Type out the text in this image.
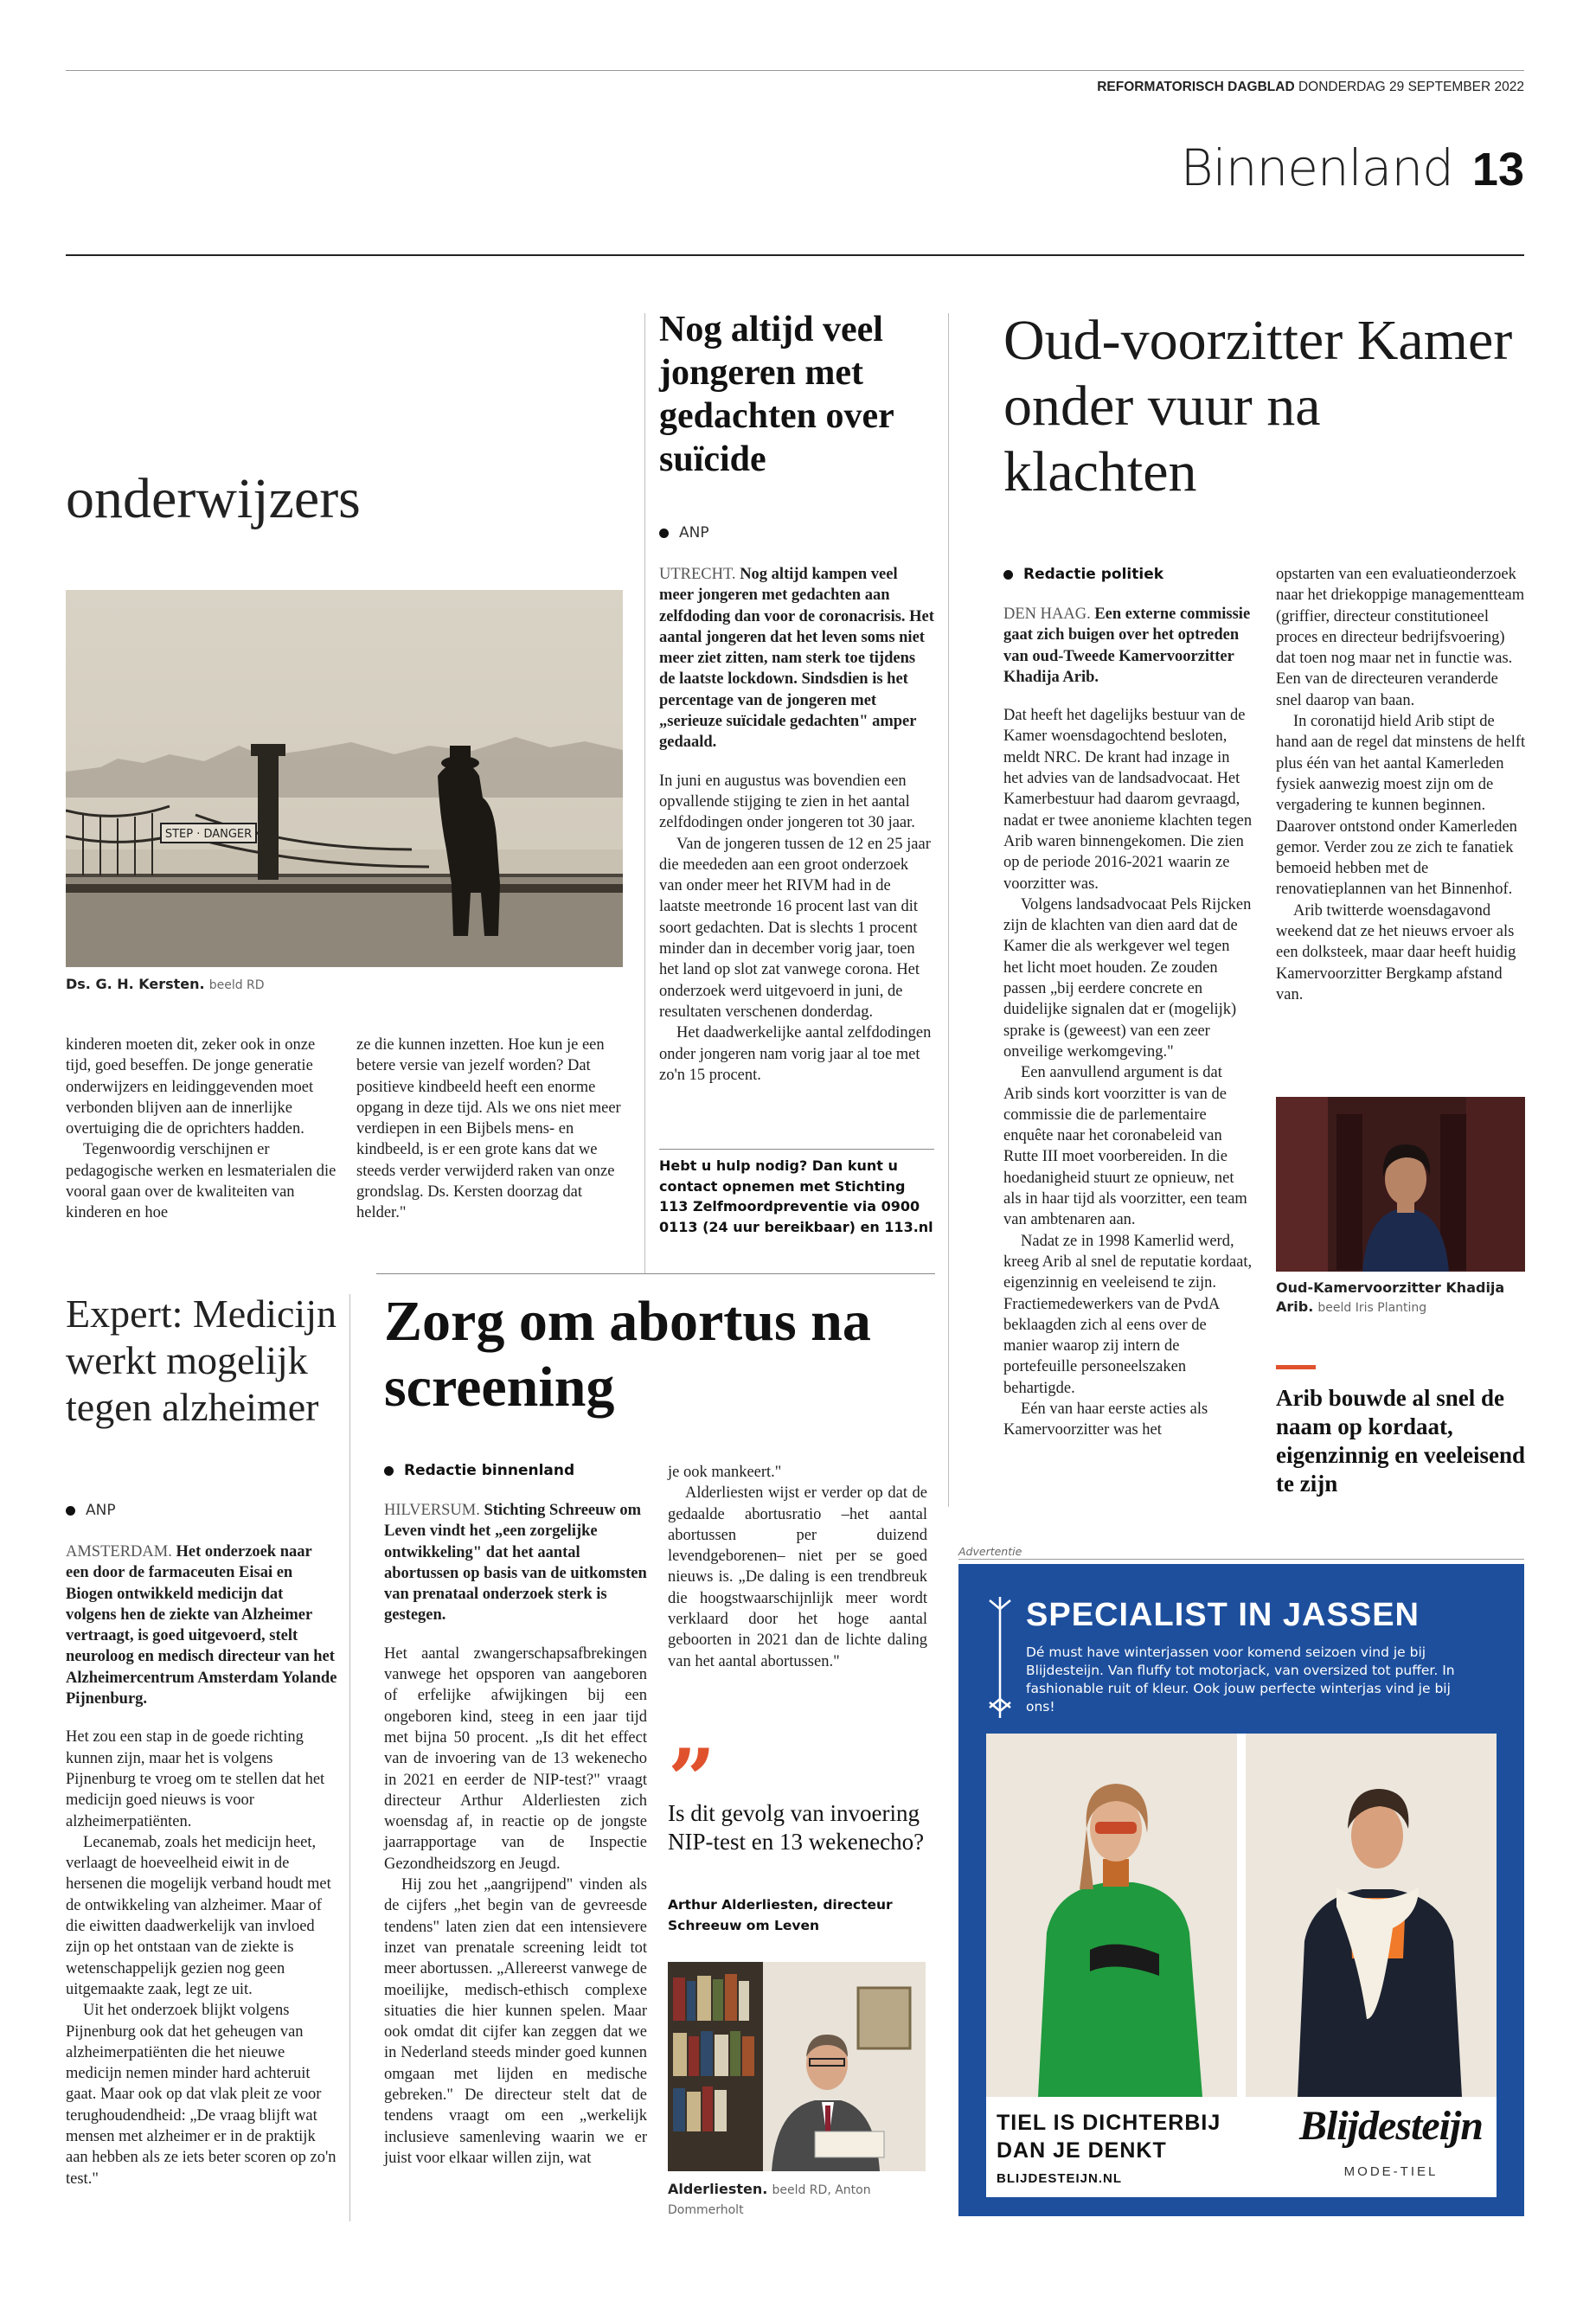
REFORMATORISCH DAGBLAD DONDERDAG 29 SEPTEMBER 2022
Binnenland 13
onderwijzers
STEP · DANGER
Ds. G. H. Kersten. beeld RD

kinderen moeten dit, zeker ook in onze tijd, goed beseffen. De jonge generatie onderwijzers en leidinggevenden moet verbonden blijven aan de innerlijke overtuiging die de oprichters hadden.

Tegenwoordig verschijnen er pedagogische werken en lesmaterialen die vooral gaan over de kwaliteiten van kinderen en hoe

ze die kunnen inzetten. Hoe kun je een betere versie van jezelf worden? Dat positieve kindbeeld heeft een enorme opgang in deze tijd. Als we ons niet meer verdiepen in een Bijbels mens- en kindbeeld, is er een grote kans dat we steeds verder verwijderd raken van onze grondslag. Ds. Kersten doorzag dat helder."

Nog altijd veel jongeren met gedachten over suïcide
ANP

UTRECHT. Nog altijd kampen veel meer jongeren met gedachten aan zelfdoding dan voor de coronacrisis. Het aantal jongeren dat het leven soms niet meer ziet zitten, nam sterk toe tijdens de laatste lockdown. Sindsdien is het percentage van de jongeren met „serieuze suïcidale gedachten" amper gedaald.

In juni en augustus was bovendien een opvallende stijging te zien in het aantal zelfdodingen onder jongeren tot 30 jaar.

Van de jongeren tussen de 12 en 25 jaar die meededen aan een groot onderzoek van onder meer het RIVM had in de laatste meetronde 16 procent last van dit soort gedachten. Dat is slechts 1 procent minder dan in december vorig jaar, toen het land op slot zat vanwege corona. Het onderzoek werd uitgevoerd in juni, de resultaten verschenen donderdag.

Het daadwerkelijke aantal zelfdodingen onder jongeren nam vorig jaar al toe met zo'n 15 procent.

Hebt u hulp nodig? Dan kunt u contact opnemen met Stichting 113 Zelfmoordpreventie via 0900 0113 (24 uur bereikbaar) en 113.nl
Oud-voorzitter Kamer onder vuur na klachten
Redactie politiek

DEN HAAG. Een externe commissie gaat zich buigen over het optreden van oud-Tweede Kamervoorzitter Khadija Arib.

Dat heeft het dagelijks bestuur van de Kamer woensdagochtend besloten, meldt NRC. De krant had inzage in het advies van de landsadvocaat. Het Kamerbestuur had daarom gevraagd, nadat er twee anonieme klachten tegen Arib waren binnengekomen. Die zien op de periode 2016-2021 waarin ze voorzitter was.

Volgens landsadvocaat Pels Rijcken zijn de klachten van dien aard dat de Kamer die als werkgever wel tegen het licht moet houden. Ze zouden passen „bij eerdere concrete en duidelijke signalen dat er (mogelijk) sprake is (geweest) van een zeer onveilige werkomgeving."

Een aanvullend argument is dat Arib sinds kort voorzitter is van de commissie die de parlementaire enquête naar het coronabeleid van Rutte III moet voorbereiden. In die hoedanigheid stuurt ze opnieuw, net als in haar tijd als voorzitter, een team van ambtenaren aan.

Nadat ze in 1998 Kamerlid werd, kreeg Arib al snel de reputatie kordaat, eigenzinnig en veeleisend te zijn. Fractiemedewerkers van de PvdA beklaagden zich al eens over de manier waarop zij intern de portefeuille personeelszaken behartigde.

Eén van haar eerste acties als Kamervoorzitter was het

opstarten van een evaluatieonderzoek naar het driekoppige managementteam (griffier, directeur constitutioneel proces en directeur bedrijfsvoering) dat toen nog maar net in functie was. Een van de directeuren veranderde snel daarop van baan.

In coronatijd hield Arib stipt de hand aan de regel dat minstens de helft plus één van het aantal Kamerleden fysiek aanwezig moest zijn om de vergadering te kunnen beginnen. Daarover ontstond onder Kamerleden gemor. Verder zou ze zich te fanatiek bemoeid hebben met de renovatieplannen van het Binnenhof.

Arib twitterde woensdagavond weekend dat ze het nieuws ervoer als een dolksteek, maar daar heeft huidig Kamervoorzitter Bergkamp afstand van.

Oud-Kamervoorzitter Khadija Arib. beeld Iris Planting
Arib bouwde al snel de naam op kordaat, eigenzinnig en veeleisend te zijn
Expert: Medicijn werkt mogelijk tegen alzheimer
ANP

AMSTERDAM. Het onderzoek naar een door de farmaceuten Eisai en Biogen ontwikkeld medicijn dat volgens hen de ziekte van Alzheimer vertraagt, is goed uitgevoerd, stelt neuroloog en medisch directeur van het Alzheimercentrum Amsterdam Yolande Pijnenburg.

Het zou een stap in de goede richting kunnen zijn, maar het is volgens Pijnenburg te vroeg om te stellen dat het medicijn goed nieuws is voor alzheimerpatiënten.

Lecanemab, zoals het medicijn heet, verlaagt de hoeveelheid eiwit in de hersenen die mogelijk verband houdt met de ontwikkeling van alzheimer. Maar of die eiwitten daadwerkelijk van invloed zijn op het ontstaan van de ziekte is wetenschappelijk gezien nog geen uitgemaakte zaak, legt ze uit.

Uit het onderzoek blijkt volgens Pijnenburg ook dat het geheugen van alzheimerpatiënten die het nieuwe medicijn nemen minder hard achteruit gaat. Maar ook op dat vlak pleit ze voor terughoudendheid: „De vraag blijft wat mensen met alzheimer er in de praktijk aan hebben als ze iets beter scoren op zo'n test."

Zorg om abortus na screening
Redactie binnenland

HILVERSUM. Stichting Schreeuw om Leven vindt het „een zorgelijke ontwikkeling" dat het aantal abortussen op basis van de uitkomsten van prenataal onderzoek sterk is gestegen.

Het aantal zwangerschapsafbrekingen vanwege het opsporen van aangeboren of erfelijke afwijkingen bij een ongeboren kind, steeg in een jaar tijd met bijna 50 procent. „Is dit het effect van de invoering van de 13 wekenecho in 2021 en eerder de NIP-test?" vraagt directeur Arthur Alderliesten zich woensdag af, in reactie op de jongste jaarrapportage van de Inspectie Gezondheidszorg en Jeugd.

Hij zou het „aangrijpend" vinden als de cijfers „het begin van de gevreesde tendens" laten zien dat een intensievere inzet van prenatale screening leidt tot meer abortussen. „Allereerst vanwege de moeilijke, medisch-ethisch complexe situaties die hier kunnen spelen. Maar ook omdat dit cijfer kan zeggen dat we in Nederland steeds minder goed kunnen omgaan met lijden en medische gebreken." De directeur stelt dat de tendens vraagt om een „werkelijk inclusieve samenleving waarin we er juist voor elkaar willen zijn, wat

je ook mankeert."

Alderliesten wijst er verder op dat de gedaalde abortusratio –het aantal abortussen per duizend levendgeborenen– niet per se goed nieuws is. „De daling is een trendbreuk die hoogstwaarschijnlijk meer wordt verklaard door het hoge aantal geboorten in 2021 dan de lichte daling van het aantal abortussen."

”
Is dit gevolg van invoering NIP-test en 13 wekenecho?
Arthur Alderliesten, directeur Schreeuw om Leven
Alderliesten. beeld RD, Anton Dommerholt
Advertentie
SPECIALIST IN JASSEN
Dé must have winterjassen voor komend seizoen vind je bij Blijdesteijn. Van fluffy tot motorjack, van oversized tot puffer. In fashionable ruit of kleur. Ook jouw perfecte winterjas vind je bij ons!
TIEL IS DICHTERBIJ
DAN JE DENKT
BLIJDESTEIJN.NL
Blijdesteijn
MODE-TIEL
